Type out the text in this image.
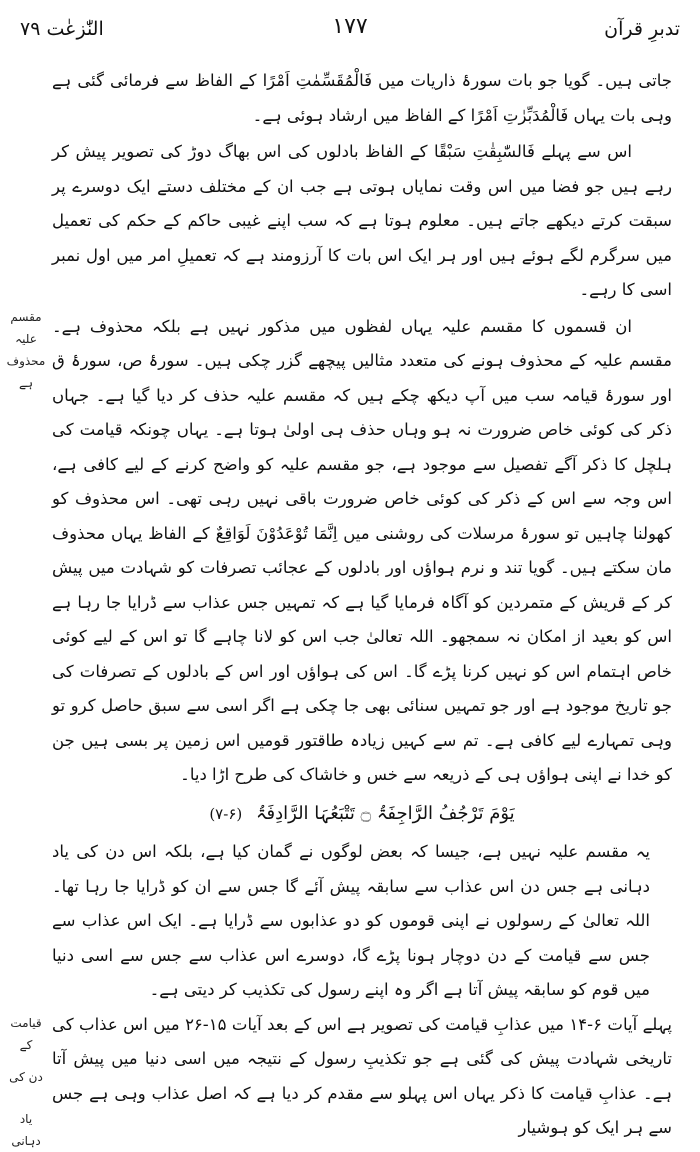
تدبرِ قرآن
۱۷۷
النّٰزعٰت ۷۹

جاتی ہیں۔ گویا جو بات سورۂ ذاریات میں فَالْمُقَسِّمٰتِ اَمْرًا کے الفاظ سے فرمائی گئی ہے وہی بات یہاں فَالْمُدَبِّرٰتِ اَمْرًا کے الفاظ میں ارشاد ہوئی ہے۔

اس سے پہلے فَالسّٰبِقٰتِ سَبْقًا کے الفاظ بادلوں کی اس بھاگ دوڑ کی تصویر پیش کر رہے ہیں جو فضا میں اس وقت نمایاں ہوتی ہے جب ان کے مختلف دستے ایک دوسرے پر سبقت کرتے دیکھے جاتے ہیں۔ معلوم ہوتا ہے کہ سب اپنے غیبی حاکم کے حکم کی تعمیل میں سرگرم لگے ہوئے ہیں اور ہر ایک اس بات کا آرزومند ہے کہ تعمیلِ امر میں اول نمبر اسی کا رہے۔

ان قسموں کا مقسم علیہ یہاں لفظوں میں مذکور نہیں ہے بلکہ محذوف ہے۔ مقسم علیہ کے محذوف ہونے کی متعدد مثالیں پیچھے گزر چکی ہیں۔ سورۂ ص، سورۂ ق اور سورۂ قیامہ سب میں آپ دیکھ چکے ہیں کہ مقسم علیہ حذف کر دیا گیا ہے۔ جہاں ذکر کی کوئی خاص ضرورت نہ ہو وہاں حذف ہی اولیٰ ہوتا ہے۔ یہاں چونکہ قیامت کی ہلچل کا ذکر آگے تفصیل سے موجود ہے، جو مقسم علیہ کو واضح کرنے کے لیے کافی ہے، اس وجہ سے اس کے ذکر کی کوئی خاص ضرورت باقی نہیں رہی تھی۔ اس محذوف کو کھولنا چاہیں تو سورۂ مرسلات کی روشنی میں اِنَّمَا تُوْعَدُوْنَ لَوَاقِعٌ کے الفاظ یہاں محذوف مان سکتے ہیں۔ گویا تند و نرم ہواؤں اور بادلوں کے عجائب تصرفات کو شہادت میں پیش کر کے قریش کے متمردین کو آگاہ فرمایا گیا ہے کہ تمہیں جس عذاب سے ڈرایا جا رہا ہے اس کو بعید از امکان نہ سمجھو۔ اللہ تعالیٰ جب اس کو لانا چاہے گا تو اس کے لیے کوئی خاص اہتمام اس کو نہیں کرنا پڑے گا۔ اس کی ہواؤں اور اس کے بادلوں کے تصرفات کی جو تاریخ موجود ہے اور جو تمہیں سنائی بھی جا چکی ہے اگر اسی سے سبق حاصل کرو تو وہی تمہارے لیے کافی ہے۔ تم سے کہیں زیادہ طاقتور قومیں اس زمین پر بسی ہیں جن کو خدا نے اپنی ہواؤں ہی کے ذریعہ سے خس و خاشاک کی طرح اڑا دیا۔

یَوْمَ تَرْجُفُ الرَّاجِفَۃُ ۝ تَتْبَعُہَا الرَّادِفَۃُ (۶-۷)

یہ مقسم علیہ نہیں ہے، جیسا کہ بعض لوگوں نے گمان کیا ہے، بلکہ اس دن کی یاد دہانی ہے جس دن اس عذاب سے سابقہ پیش آئے گا جس سے ان کو ڈرایا جا رہا تھا۔ اللہ تعالیٰ کے رسولوں نے اپنی قوموں کو دو عذابوں سے ڈرایا ہے۔ ایک اس عذاب سے جس سے قیامت کے دن دوچار ہونا پڑے گا، دوسرے اس عذاب سے جس سے اسی دنیا میں قوم کو سابقہ پیش آتا ہے اگر وہ اپنے رسول کی تکذیب کر دیتی ہے۔

پہلے آیات ۶-۱۴ میں عذابِ قیامت کی تصویر ہے اس کے بعد آیات ۱۵-۲۶ میں اس عذاب کی تاریخی شہادت پیش کی گئی ہے جو تکذیبِ رسول کے نتیجہ میں اسی دنیا میں پیش آتا ہے۔ عذابِ قیامت کا ذکر یہاں اس پہلو سے مقدم کر دیا ہے کہ اصل عذاب وہی ہے جس سے ہر ایک کو ہوشیار

مقسم علیہ محذوف ہے
قیامت کے
دن کی
یاد دہانی
